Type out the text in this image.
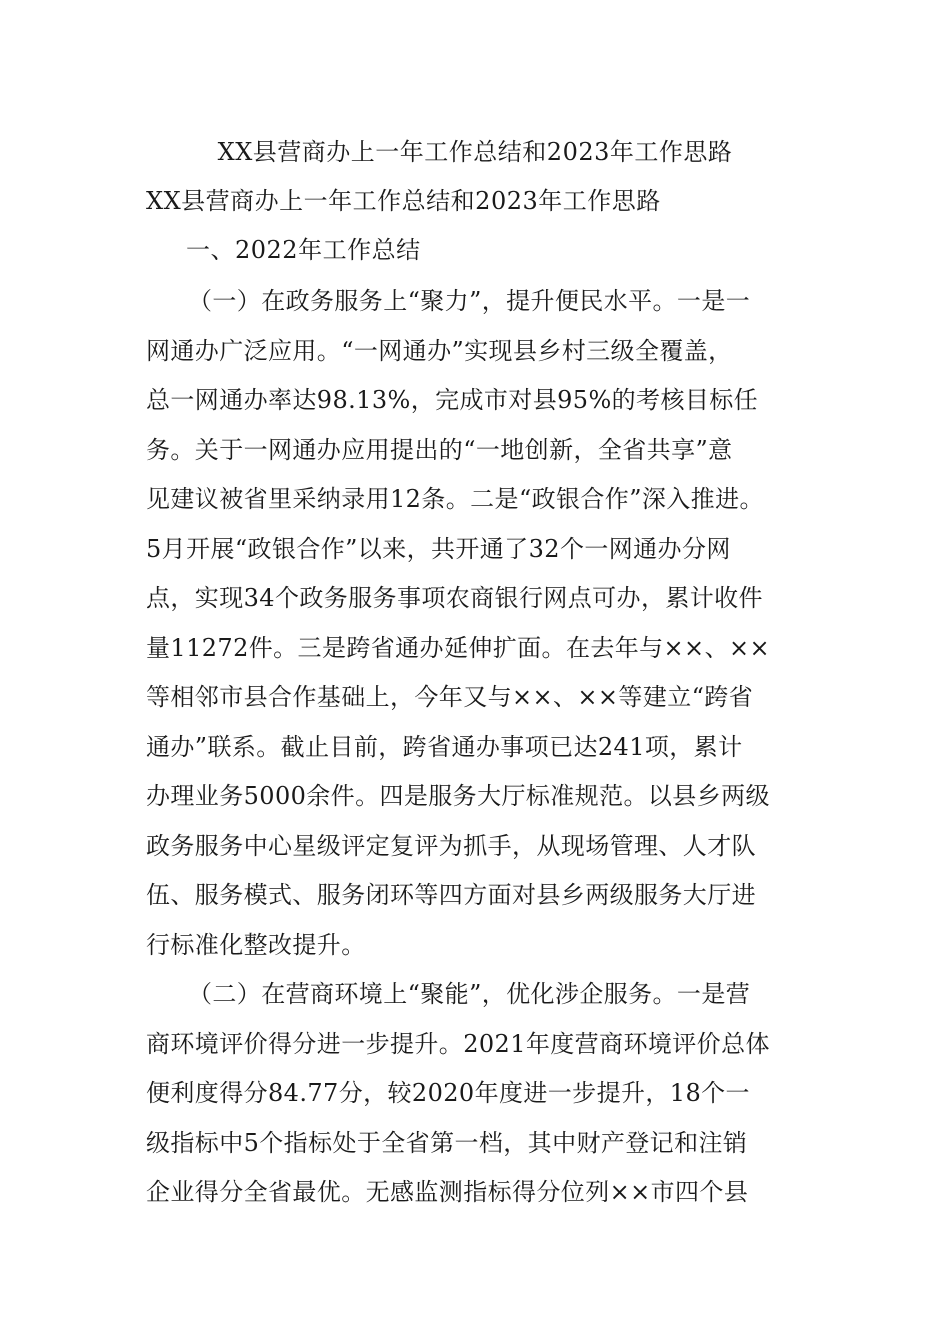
XX县营商办上一年工作总结和2023年工作思路
XX县营商办上一年工作总结和2023年工作思路
一、2022年工作总结
（一）在政务服务上“聚力”，提升便民水平。一是一
网通办广泛应用。“一网通办”实现县乡村三级全覆盖，
总一网通办率达98.13%，完成市对县95%的考核目标任
务。关于一网通办应用提出的“一地创新，全省共享”意
见建议被省里采纳录用12条。二是“政银合作”深入推进。
5月开展“政银合作”以来，共开通了32个一网通办分网
点，实现34个政务服务事项农商银行网点可办，累计收件
量11272件。三是跨省通办延伸扩面。在去年与××、××
等相邻市县合作基础上，今年又与××、××等建立“跨省
通办”联系。截止目前，跨省通办事项已达241项，累计
办理业务5000余件。四是服务大厅标准规范。以县乡两级
政务服务中心星级评定复评为抓手，从现场管理、人才队
伍、服务模式、服务闭环等四方面对县乡两级服务大厅进
行标准化整改提升。
（二）在营商环境上“聚能”，优化涉企服务。一是营
商环境评价得分进一步提升。2021年度营商环境评价总体
便利度得分84.77分，较2020年度进一步提升，18个一
级指标中5个指标处于全省第一档，其中财产登记和注销
企业得分全省最优。无感监测指标得分位列××市四个县
